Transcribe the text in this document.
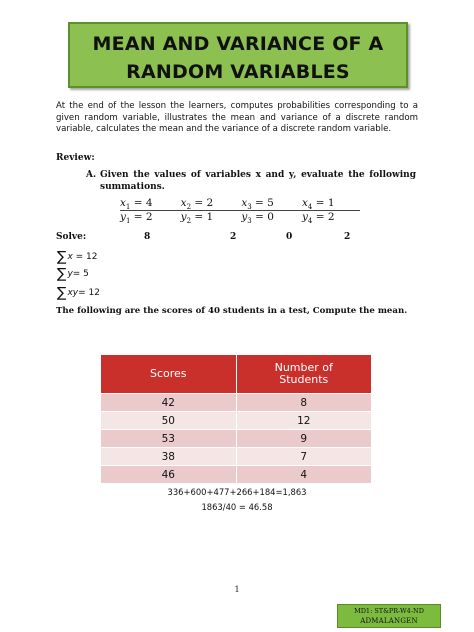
MEAN AND VARIANCE OF A
RANDOM VARIABLES
At the end of the lesson the learners, computes probabilities corresponding to a given random variable, illustrates the mean and variance of a discrete random variable, calculates the mean and the variance of a discrete random variable.
Review:
A. Given the values of variables x and y, evaluate the following summations.
$x_1 = 4$	$x_2 = 2$	$x_3 = 5$	$x_4 = 1$
$y_1 = 2$	$y_2 = 1$	$y_3 = 0$	$y_4 = 2$
Solve:	8	2	0	2
∑x = 12
∑y= 5
∑xy= 12
The following are the scores of 40 students in a test, Compute the mean.
Scores	Number of Students
42	8
50	12
53	9
38	7
46	4
336+600+477+266+184=1,863
1863/40 = 46.58
1
MD1: ST&PR-W4-ND
ADMALANGEN
